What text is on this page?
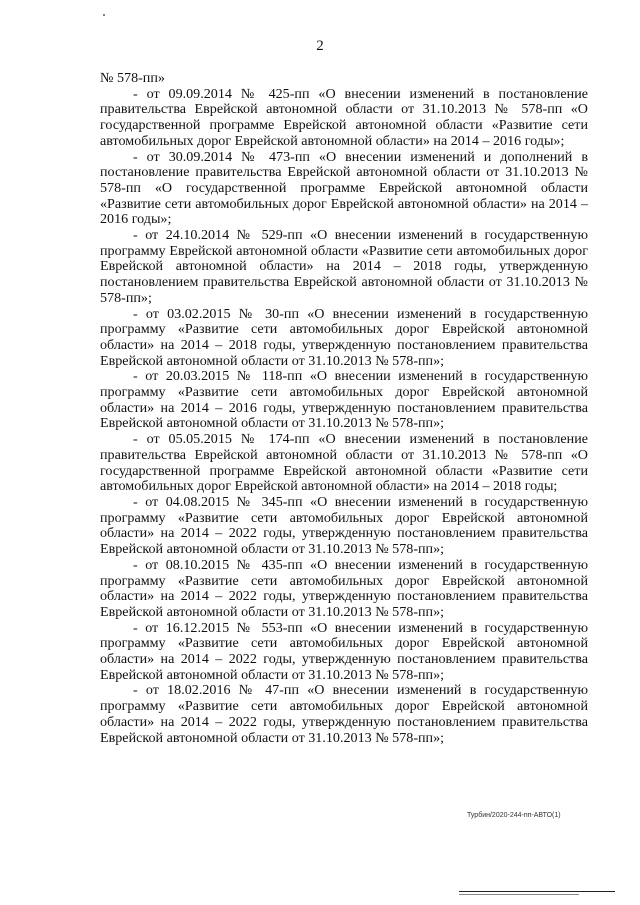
2

№ 578-пп»

- от 09.09.2014 № 425-пп «О внесении изменений в постановление правительства Еврейской автономной области от 31.10.2013 № 578-пп «О государственной программе Еврейской автономной области «Развитие сети автомобильных дорог Еврейской автономной области» на 2014 – 2016 годы»;

- от 30.09.2014 № 473-пп «О внесении изменений и дополнений в постановление правительства Еврейской автономной области от 31.10.2013 № 578-пп «О государственной программе Еврейской автономной области «Развитие сети автомобильных дорог Еврейской автономной области» на 2014 – 2016 годы»;

- от 24.10.2014 № 529-пп «О внесении изменений в государственную программу Еврейской автономной области «Развитие сети автомобильных дорог Еврейской автономной области» на 2014 – 2018 годы, утвержденную постановлением правительства Еврейской автономной области от 31.10.2013 № 578-пп»;

- от 03.02.2015 № 30-пп «О внесении изменений в государственную программу «Развитие сети автомобильных дорог Еврейской автономной области» на 2014 – 2018 годы, утвержденную постановлением правительства Еврейской автономной области от 31.10.2013 № 578-пп»;

- от 20.03.2015 № 118-пп «О внесении изменений в государственную программу «Развитие сети автомобильных дорог Еврейской автономной области» на 2014 – 2016 годы, утвержденную постановлением правительства Еврейской автономной области от 31.10.2013 № 578-пп»;

- от 05.05.2015 № 174-пп «О внесении изменений в постановление правительства Еврейской автономной области от 31.10.2013 № 578-пп «О государственной программе Еврейской автономной области «Развитие сети автомобильных дорог Еврейской автономной области» на 2014 – 2018 годы;

- от 04.08.2015 № 345-пп «О внесении изменений в государственную программу «Развитие сети автомобильных дорог Еврейской автономной области» на 2014 – 2022 годы, утвержденную постановлением правительства Еврейской автономной области от 31.10.2013 № 578-пп»;

- от 08.10.2015 № 435-пп «О внесении изменений в государственную программу «Развитие сети автомобильных дорог Еврейской автономной области» на 2014 – 2022 годы, утвержденную постановлением правительства Еврейской автономной области от 31.10.2013 № 578-пп»;

- от 16.12.2015 № 553-пп «О внесении изменений в государственную программу «Развитие сети автомобильных дорог Еврейской автономной области» на 2014 – 2022 годы, утвержденную постановлением правительства Еврейской автономной области от 31.10.2013 № 578-пп»;

- от 18.02.2016 № 47-пп «О внесении изменений в государственную программу «Развитие сети автомобильных дорог Еврейской автономной области» на 2014 – 2022 годы, утвержденную постановлением правительства Еврейской автономной области от 31.10.2013 № 578-пп»;

Турбин/2020-244-пп-АВТО(1)
